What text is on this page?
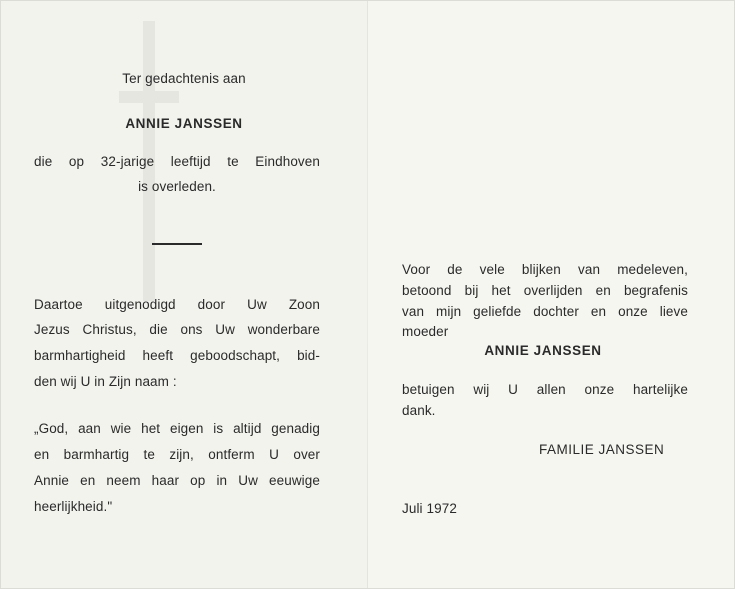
Ter gedachtenis aan
ANNIE JANSSEN
die op 32-jarige leeftijd te Eindhoven
is overleden.
Daartoe uitgenodigd door Uw Zoon
Jezus Christus, die ons Uw wonderbare
barmhartigheid heeft geboodschapt, bid-
den wij U in Zijn naam :
„God, aan wie het eigen is altijd genadig
en barmhartig te zijn, ontferm U over
Annie en neem haar op in Uw eeuwige
heerlijkheid."
Voor de vele blijken van medeleven,
betoond bij het overlijden en begrafenis
van mijn geliefde dochter en onze lieve
moeder
ANNIE JANSSEN
betuigen wij U allen onze hartelijke
dank.
FAMILIE JANSSEN
Juli 1972
